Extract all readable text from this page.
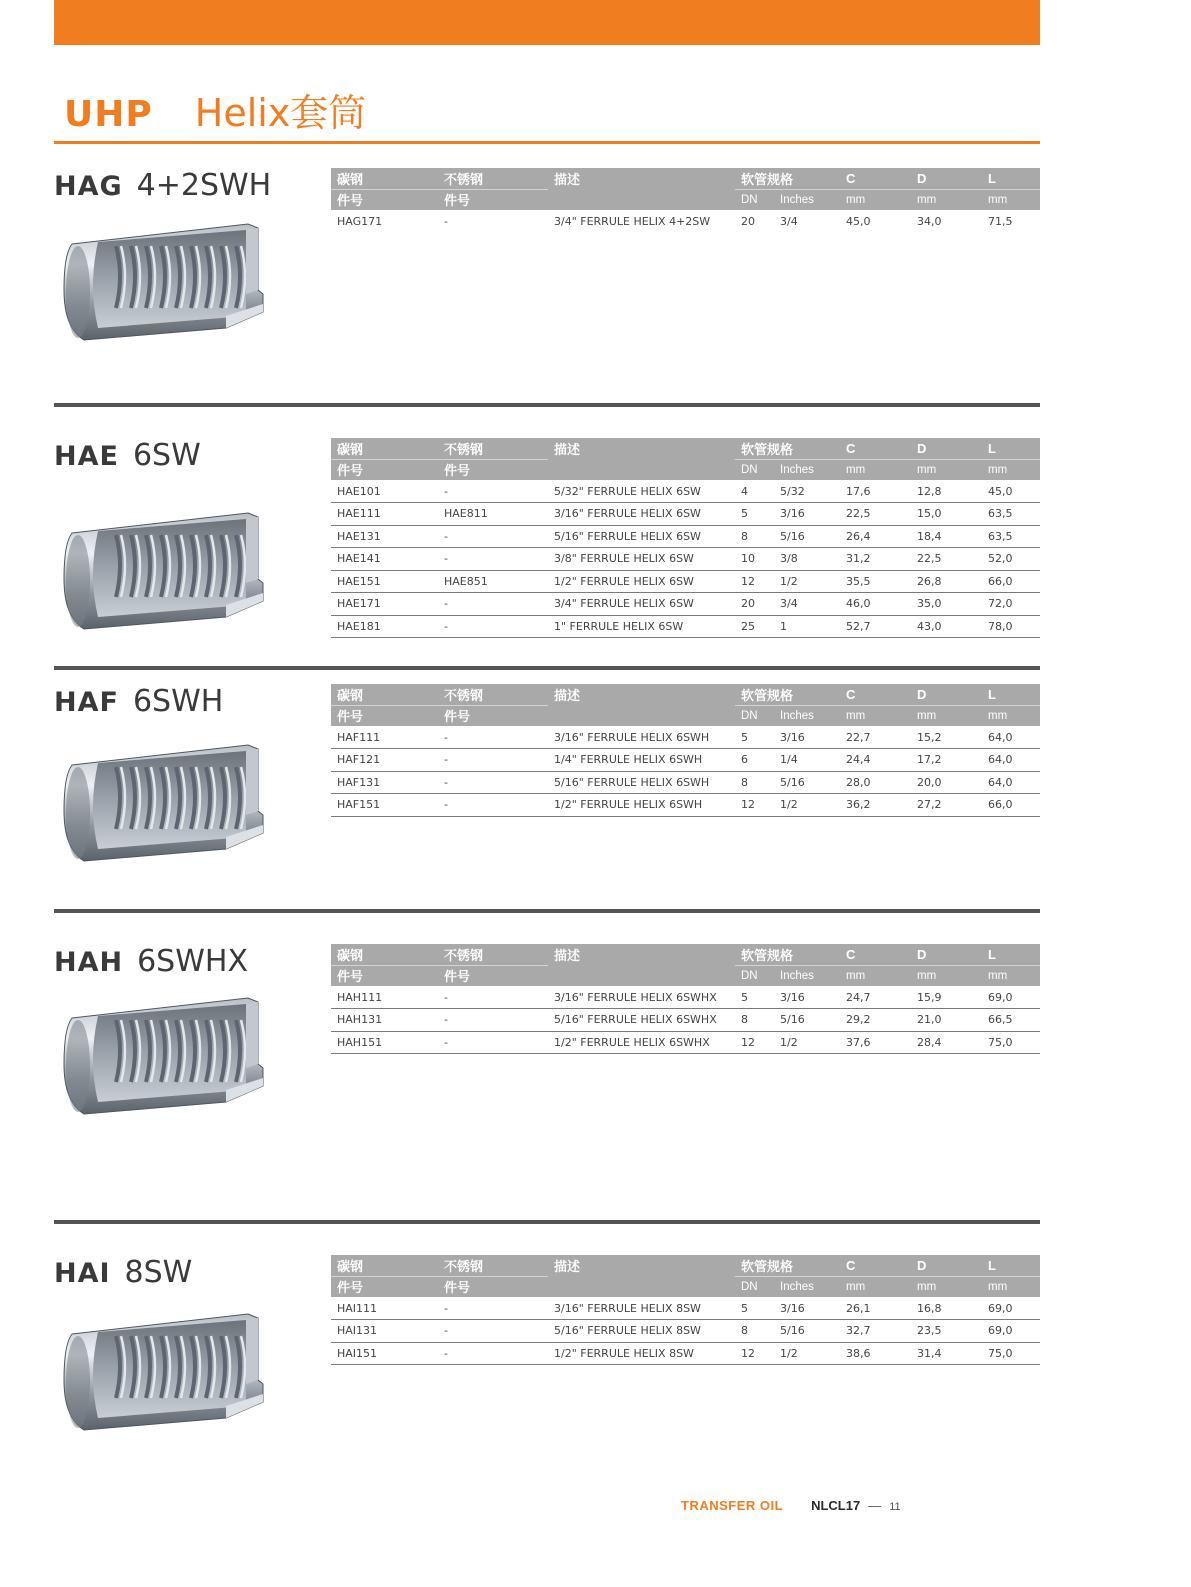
UHP Helix套筒
HAG 4+2SWH	碳钢	不锈钢	描述	软管规格		C	D	L
件号	件号		DN	Inches	mm	mm	mm
HAG171	-	3/4" FERRULE HELIX 4+2SW	20	3/4	45,0	34,0	71,5
HAE 6SW	碳钢	不锈钢	描述	软管规格		C	D	L
件号	件号		DN	Inches	mm	mm	mm
HAE101	-	5/32" FERRULE HELIX 6SW	4	5/32	17,6	12,8	45,0
HAE111	HAE811	3/16" FERRULE HELIX 6SW	5	3/16	22,5	15,0	63,5
HAE131	-	5/16" FERRULE HELIX 6SW	8	5/16	26,4	18,4	63,5
HAE141	-	3/8" FERRULE HELIX 6SW	10	3/8	31,2	22,5	52,0
HAE151	HAE851	1/2" FERRULE HELIX 6SW	12	1/2	35,5	26,8	66,0
HAE171	-	3/4" FERRULE HELIX 6SW	20	3/4	46,0	35,0	72,0
HAE181	-	1" FERRULE HELIX 6SW	25	1	52,7	43,0	78,0
HAF 6SWH	碳钢	不锈钢	描述	软管规格		C	D	L
件号	件号		DN	Inches	mm	mm	mm
HAF111	-	3/16" FERRULE HELIX 6SWH	5	3/16	22,7	15,2	64,0
HAF121	-	1/4" FERRULE HELIX 6SWH	6	1/4	24,4	17,2	64,0
HAF131	-	5/16" FERRULE HELIX 6SWH	8	5/16	28,0	20,0	64,0
HAF151	-	1/2" FERRULE HELIX 6SWH	12	1/2	36,2	27,2	66,0
HAH 6SWHX	碳钢	不锈钢	描述	软管规格		C	D	L
件号	件号		DN	Inches	mm	mm	mm
HAH111	-	3/16" FERRULE HELIX 6SWHX	5	3/16	24,7	15,9	69,0
HAH131	-	5/16" FERRULE HELIX 6SWHX	8	5/16	29,2	21,0	66,5
HAH151	-	1/2" FERRULE HELIX 6SWHX	12	1/2	37,6	28,4	75,0
HAI 8SW	碳钢	不锈钢	描述	软管规格		C	D	L
件号	件号		DN	Inches	mm	mm	mm
HAI111	-	3/16" FERRULE HELIX 8SW	5	3/16	26,1	16,8	69,0
HAI131	-	5/16" FERRULE HELIX 8SW	8	5/16	32,7	23,5	69,0
HAI151	-	1/2" FERRULE HELIX 8SW	12	1/2	38,6	31,4	75,0
TRANSFER OIL NLCL17 — 11
